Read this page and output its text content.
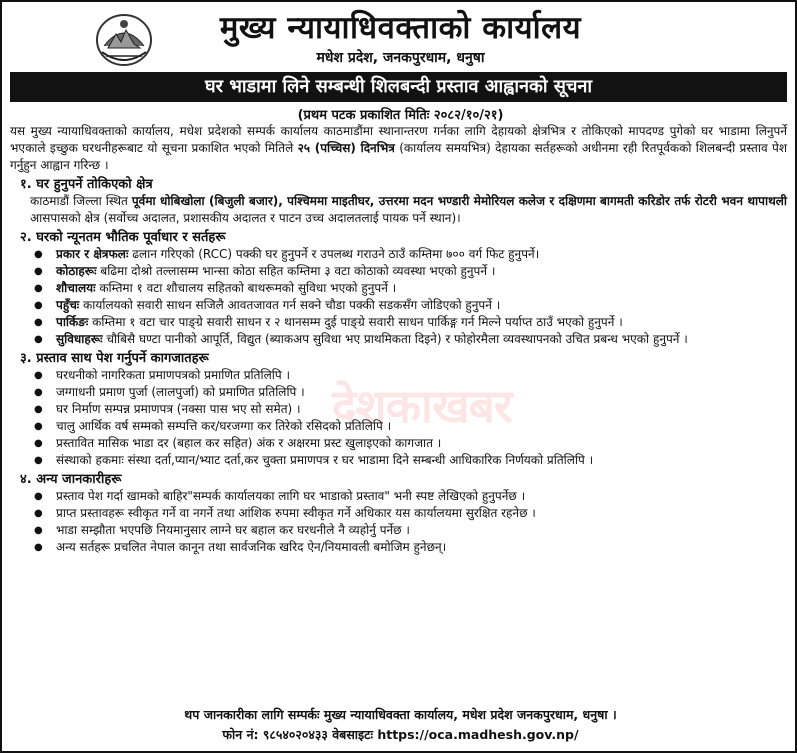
मुख्य न्यायाधिवक्ताको कार्यालय
मधेश प्रदेश, जनकपुरधाम, धनुषा
घर भाडामा लिने सम्बन्धी शिलबन्दी प्रस्ताव आह्वानको सूचना
(प्रथम पटक प्रकाशित मितिः २०८२/१०/२१)
देशकाखबर

यस मुख्य न्यायाधिवक्ताको कार्यालय, मधेश प्रदेशको सम्पर्क कार्यालय काठमाडौंमा स्थानान्तरण गर्नका लागि देहायको क्षेत्रभित्र र तोकिएको मापदण्ड पुगेको घर भाडामा लिनुपर्ने भएकाले इच्छुक घरधनीहरूबाट यो सूचना प्रकाशित भएको मितिले २५ (पच्चिस) दिनभित्र (कार्यालय समयभित्र) देहायका सर्तहरूको अधीनमा रही रितपूर्वकको शिलबन्दी प्रस्ताव पेश गर्नुहुन आह्वान गरिन्छ ।

१. घर हुनुपर्ने तोकिएको क्षेत्र

काठमाडौं जिल्ला स्थित पूर्वमा धोबिखोला (बिजुली बजार), पश्चिममा माइतीघर, उत्तरमा मदन भण्डारी मेमोरियल कलेज र दक्षिणमा बागमती करिडोर तर्फ रोटरी भवन थापाथली आसपासको क्षेत्र (सर्वोच्च अदालत, प्रशासकीय अदालत र पाटन उच्च अदालतलाई पायक पर्ने स्थान)।

२. घरको न्यूनतम भौतिक पूर्वाधार र सर्तहरू
● प्रकार र क्षेत्रफलः ढलान गरिएको (RCC) पक्की घर हुनुपर्ने र उपलब्ध गराउने ठाउँ कम्तिमा ७०० वर्ग फिट हुनुपर्ने।
● कोठाहरूः बढिमा दोश्रो तल्लासम्म भान्सा कोठा सहित कम्तिमा ३ वटा कोठाको व्यवस्था भएको हुनुपर्ने ।
● शौचालयः कम्तिमा १ वटा शौचालय सहितको बाथरूमको सुविधा भएको हुनुपर्ने ।
● पहुँचः कार्यालयको सवारी साधन सजिलै आवतजावत गर्न सक्ने चौडा पक्की सडकसँग जोडिएको हुनुपर्ने ।
● पार्किङः कम्तिमा १ वटा चार पाङ्ग्रे सवारी साधन र २ थानसम्म दुई पाङ्ग्रे सवारी साधन पार्किङ्ग गर्न मिल्ने पर्याप्त ठाउँ भएको हुनुपर्ने ।
● सुविधाहरूः चौबिसै घण्टा पानीको आपूर्ति, विद्युत (ब्याकअप सुविधा भए प्राथमिकता दिइने) र फोहोरमैला व्यवस्थापनको उचित प्रबन्ध भएको हुनुपर्ने ।
३. प्रस्ताव साथ पेश गर्नुपर्ने कागजातहरू
● घरधनीको नागरिकता प्रमाणपत्रको प्रमाणित प्रतिलिपि ।
● जग्गाधनी प्रमाण पुर्जा (लालपुर्जा) को प्रमाणित प्रतिलिपि ।
● घर निर्माण सम्पन्न प्रमाणपत्र (नक्सा पास भए सो समेत) ।
● चालु आर्थिक वर्ष सम्मको सम्पत्ति कर/घरजग्गा कर तिरेको रसिदको प्रतिलिपि ।
● प्रस्तावित मासिक भाडा दर (बहाल कर सहित) अंक र अक्षरमा प्रस्ट खुलाइएको कागजात ।
● संस्थाको हकमाः संस्था दर्ता,प्यान/भ्याट दर्ता,कर चुक्ता प्रमाणपत्र र घर भाडामा दिने सम्बन्धी आधिकारिक निर्णयको प्रतिलिपि ।
४. अन्य जानकारीहरू
● प्रस्ताव पेश गर्दा खामको बाहिर"सम्पर्क कार्यालयका लागि घर भाडाको प्रस्ताव" भनी स्पष्ट लेखिएको हुनुपर्नेछ ।
● प्राप्त प्रस्तावहरू स्वीकृत गर्ने वा नगर्ने तथा आंशिक रुपमा स्वीकृत गर्ने अधिकार यस कार्यालयमा सुरक्षित रहनेछ ।
● भाडा सम्झौता भएपछि नियमानुसार लाग्ने घर बहाल कर घरधनीले नै व्यहोर्नु पर्नेछ ।
● अन्य सर्तहरू प्रचलित नेपाल कानून तथा सार्वजनिक खरिद ऐन/नियमावली बमोजिम हुनेछन्।
थप जानकारीका लागि सम्पर्कः मुख्य न्यायाधिवक्ता कार्यालय, मधेश प्रदेश जनकपुरधाम, धनुषा ।
फोन नं: ९८५४०२०४३३ वेबसाइटः https://oca.madhesh.gov.np/
